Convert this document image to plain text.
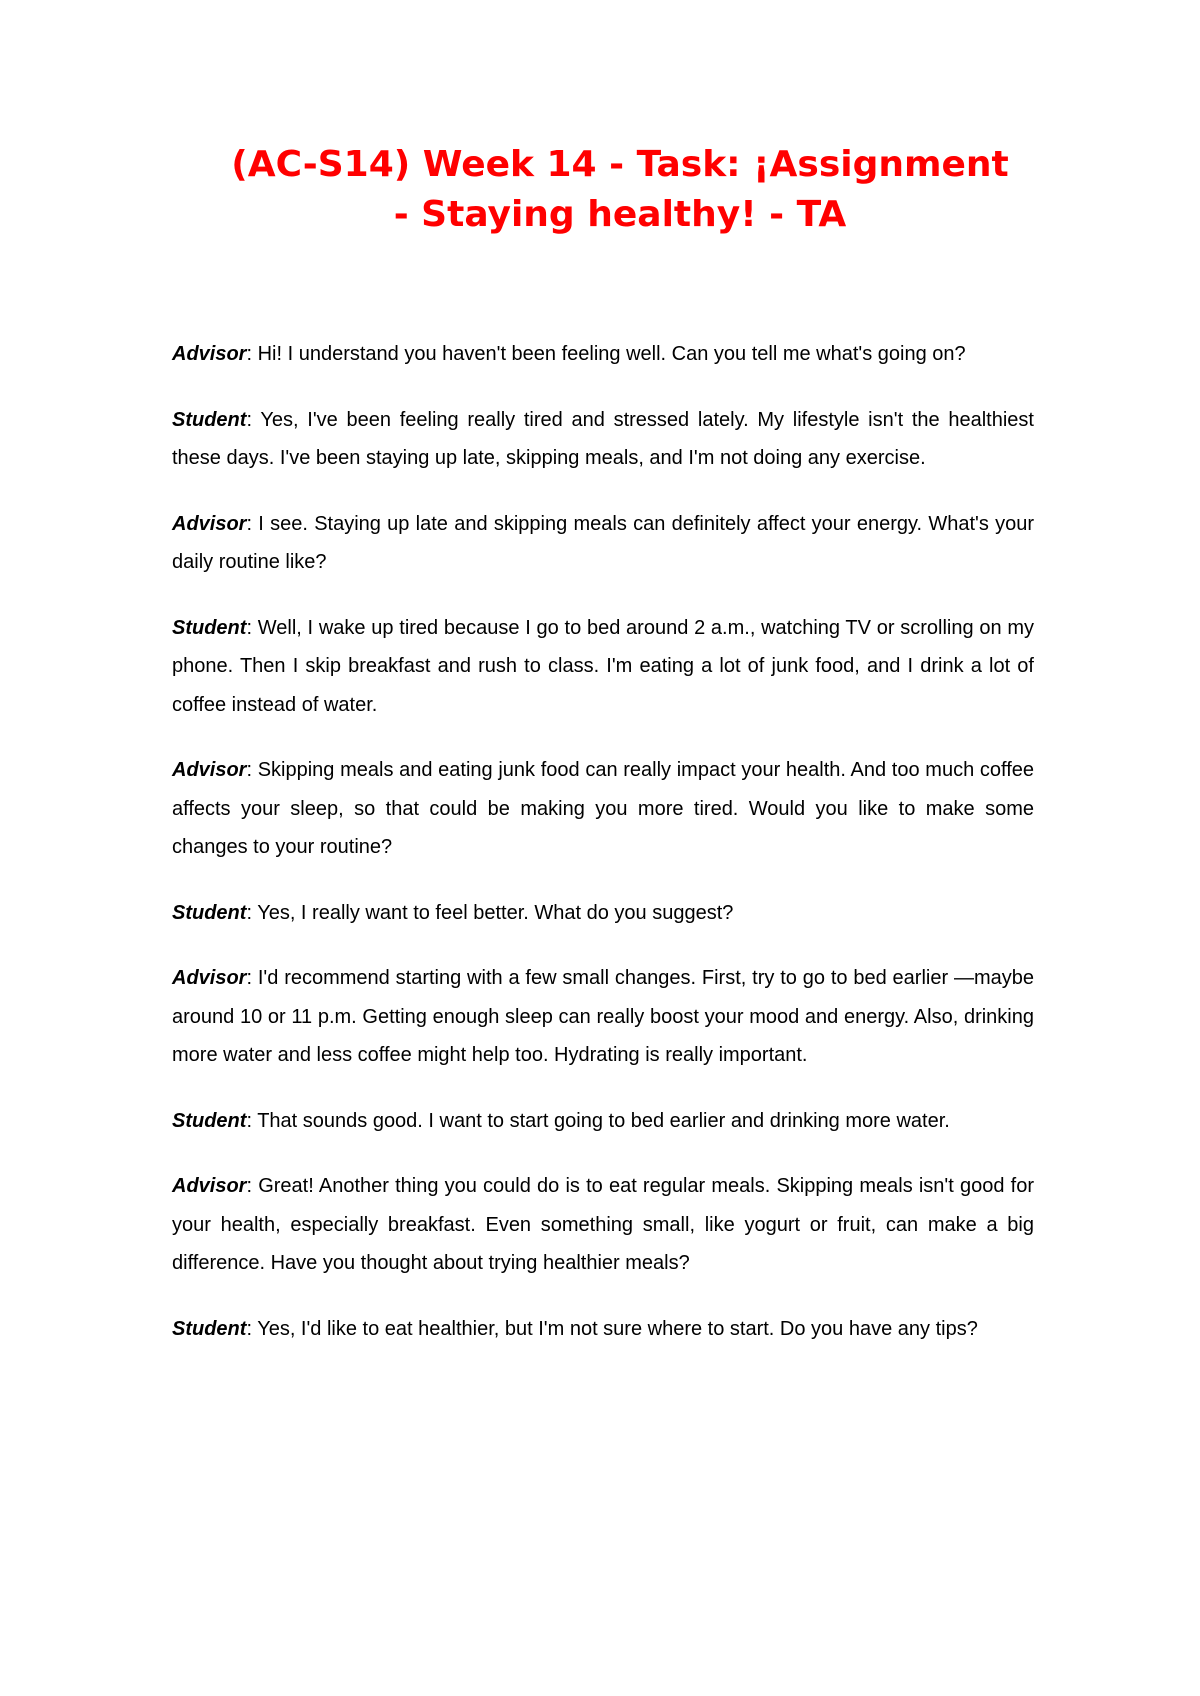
(AC-S14) Week 14 - Task: ¡Assignment
- Staying healthy! - TA

Advisor: Hi! I understand you haven't been feeling well. Can you tell me what's going on?

Student: Yes, I've been feeling really tired and stressed lately. My lifestyle isn't the healthiest these days. I've been staying up late, skipping meals, and I'm not doing any exercise.

Advisor: I see. Staying up late and skipping meals can definitely affect your energy. What's your daily routine like?

Student: Well, I wake up tired because I go to bed around 2 a.m., watching TV or scrolling on my phone. Then I skip breakfast and rush to class. I'm eating a lot of junk food, and I drink a lot of coffee instead of water.

Advisor: Skipping meals and eating junk food can really impact your health. And too much coffee affects your sleep, so that could be making you more tired. Would you like to make some changes to your routine?

Student: Yes, I really want to feel better. What do you suggest?

Advisor: I'd recommend starting with a few small changes. First, try to go to bed earlier —maybe around 10 or 11 p.m. Getting enough sleep can really boost your mood and energy. Also, drinking more water and less coffee might help too. Hydrating is really important.

Student: That sounds good. I want to start going to bed earlier and drinking more water.

Advisor: Great! Another thing you could do is to eat regular meals. Skipping meals isn't good for your health, especially breakfast. Even something small, like yogurt or fruit, can make a big difference. Have you thought about trying healthier meals?

Student: Yes, I'd like to eat healthier, but I'm not sure where to start. Do you have any tips?
